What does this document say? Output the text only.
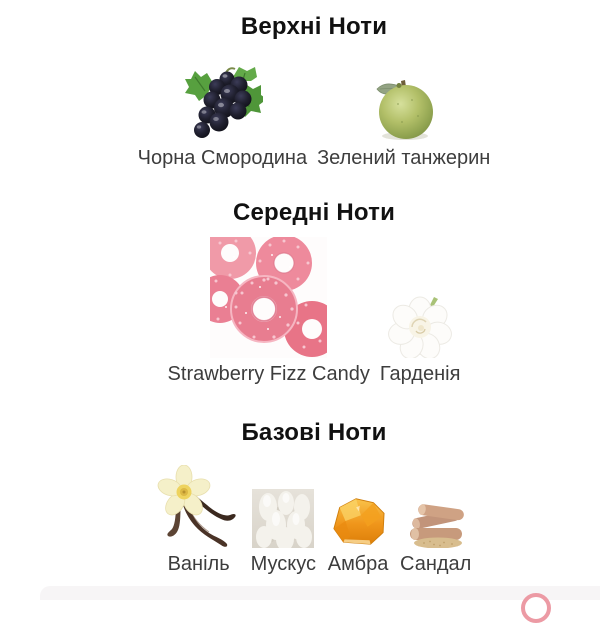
Верхні Ноти
Чорна Смородина Зелений танжерин
Середні Ноти
Strawberry Fizz Candy Гарденія
Базові Ноти
Ваніль Мускус Амбра Сандал
